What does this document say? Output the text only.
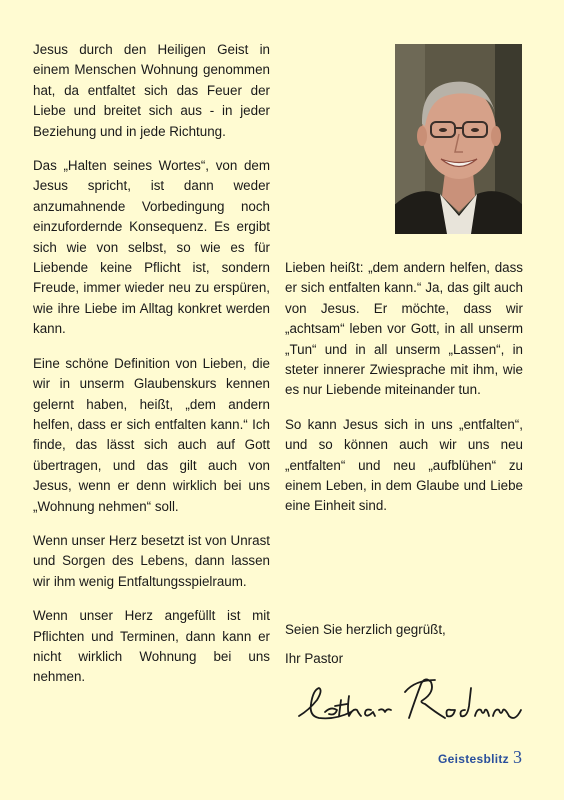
Jesus durch den Heiligen Geist in einem Menschen Wohnung genommen hat, da entfaltet sich das Feuer der Liebe und breitet sich aus - in jeder Beziehung und in jede Richtung.

Das „Halten seines Wortes“, von dem Jesus spricht, ist dann weder anzumahnende Vorbedingung noch einzufordernde Konsequenz. Es ergibt sich wie von selbst, so wie es für Liebende keine Pflicht ist, sondern Freude, immer wieder neu zu erspüren, wie ihre Liebe im Alltag konkret werden kann.

Eine schöne Definition von Lieben, die wir in unserm Glaubenskurs kennen gelernt haben, heißt, „dem andern helfen, dass er sich entfalten kann.“ Ich finde, das lässt sich auch auf Gott übertragen, und das gilt auch von Jesus, wenn er denn wirklich bei uns „Wohnung nehmen“ soll.

Wenn unser Herz besetzt ist von Unrast und Sorgen des Lebens, dann lassen wir ihm wenig Entfaltungsspielraum.

Wenn unser Herz angefüllt ist mit Pflichten und Terminen, dann kann er nicht wirklich Wohnung bei uns nehmen.

Lieben heißt: „dem andern helfen, dass er sich entfalten kann.“ Ja, das gilt auch von Jesus. Er möchte, dass wir „achtsam“ leben vor Gott, in all unserm „Tun“ und in all unserm „Lassen“, in steter innerer Zwiesprache mit ihm, wie es nur Liebende miteinander tun.

So kann Jesus sich in uns „entfalten“, und so können auch wir uns neu „entfalten“ und neu „aufblühen“ zu einem Leben, in dem Glaube und Liebe eine Einheit sind.

Seien Sie herzlich gegrüßt,

Ihr Pastor

Geistesblitz 3
